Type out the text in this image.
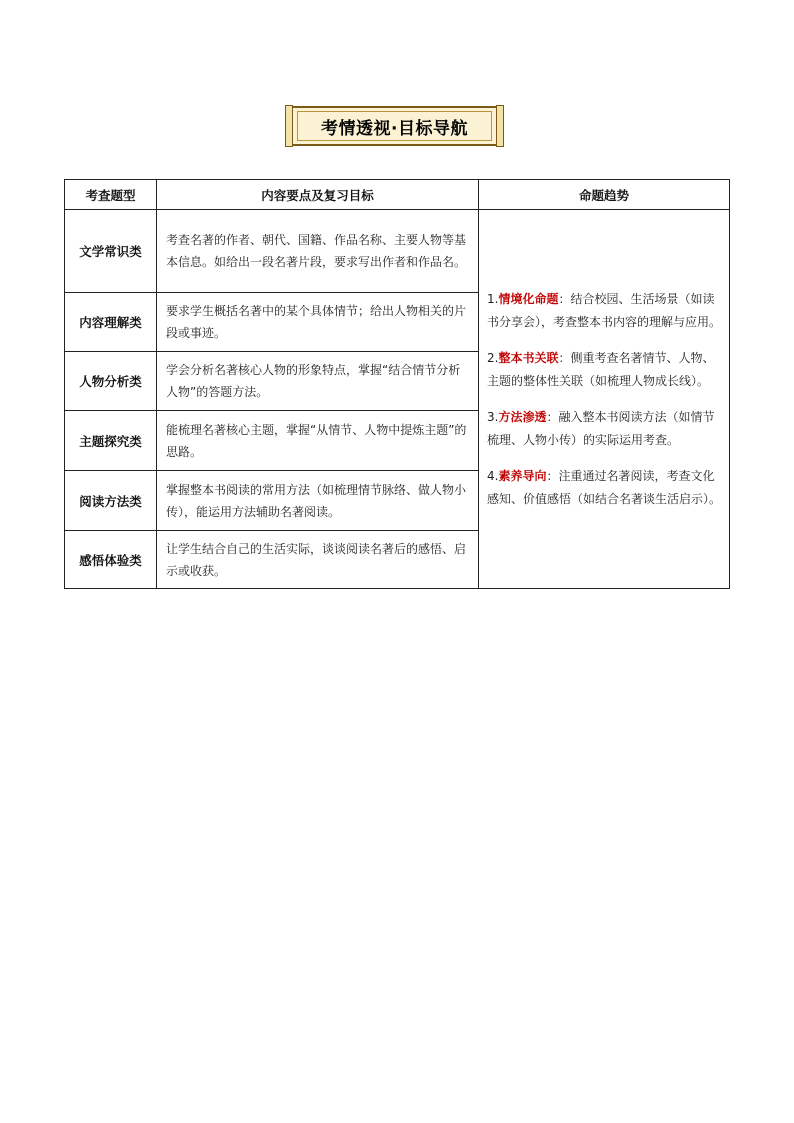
考情透视·目标导航
考查题型	内容要点及复习目标	命题趋势
文学常识类	考查名著的作者、朝代、国籍、作品名称、主要人物等基本信息。如给出一段名著片段，要求写出作者和作品名。	1.情境化命题：结合校园、生活场景（如读书分享会），考查整本书内容的理解与应用。

2.整本书关联：侧重考查名著情节、人物、主题的整体性关联（如梳理人物成长线）。

3.方法渗透：融入整本书阅读方法（如情节梳理、人物小传）的实际运用考查。

4.素养导向：注重通过名著阅读，考查文化感知、价值感悟（如结合名著谈生活启示）。

内容理解类	要求学生概括名著中的某个具体情节；给出人物相关的片段或事迹。	
人物分析类	学会分析名著核心人物的形象特点，掌握“结合情节分析人物”的答题方法。	
主题探究类	能梳理名著核心主题，掌握“从情节、人物中提炼主题”的思路。	
阅读方法类	掌握整本书阅读的常用方法（如梳理情节脉络、做人物小传），能运用方法辅助名著阅读。	
感悟体验类	让学生结合自己的生活实际，谈谈阅读名著后的感悟、启示或收获。	
